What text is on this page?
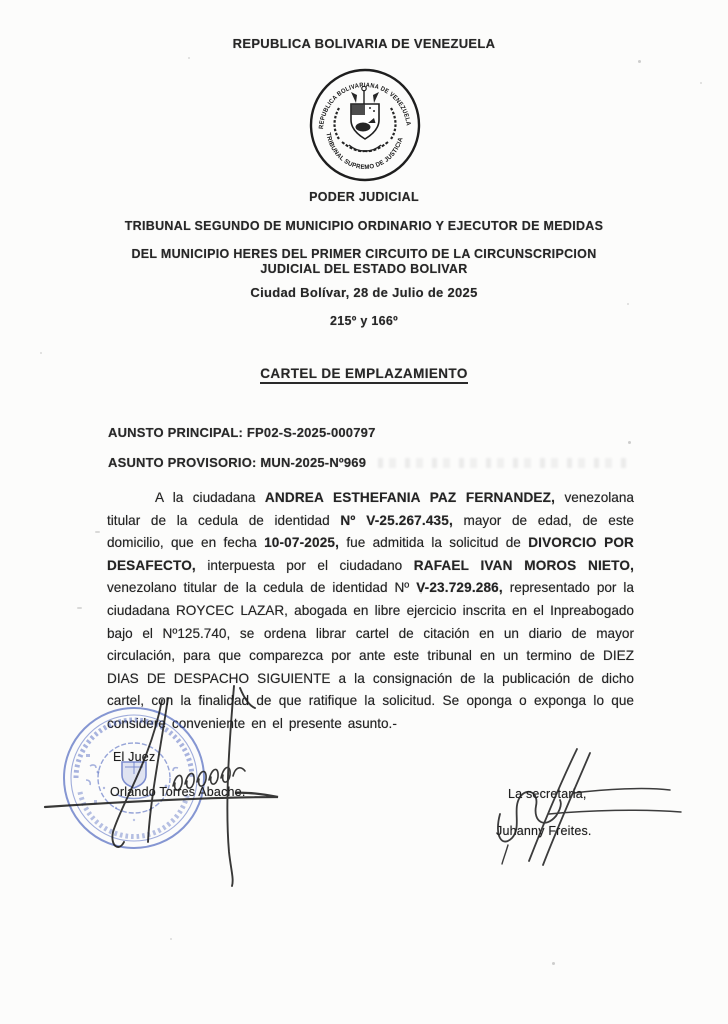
REPUBLICA BOLIVARIA DE VENEZUELA
REPUBLICA BOLIVARIANA DE VENEZUELA
TRIBUNAL SUPREMO DE JUSTICIA
PODER JUDICIAL
TRIBUNAL SEGUNDO DE MUNICIPIO ORDINARIO Y EJECUTOR DE MEDIDAS
DEL MUNICIPIO HERES DEL PRIMER CIRCUITO DE LA CIRCUNSCRIPCION
JUDICIAL DEL ESTADO BOLIVAR
Ciudad Bolívar, 28 de Julio de 2025
215º y 166º
CARTEL DE EMPLAZAMIENTO
AUNSTO PRINCIPAL: FP02-S-2025-000797
ASUNTO PROVISORIO: MUN-2025-Nº969

A la ciudadana ANDREA ESTHEFANIA PAZ FERNANDEZ, venezolana titular de la cedula de identidad Nº V-25.267.435, mayor de edad, de este domicilio, que en fecha 10-07-2025, fue admitida la solicitud de DIVORCIO POR DESAFECTO, interpuesta por el ciudadano RAFAEL IVAN MOROS NIETO, venezolano titular de la cedula de identidad Nº V-23.729.286, representado por la ciudadana ROYCEC LAZAR, abogada en libre ejercicio inscrita en el Inpreabogado bajo el Nº125.740, se ordena librar cartel de citación en un diario de mayor circulación, para que comparezca por ante este tribunal en un termino de DIEZ DIAS DE DESPACHO SIGUIENTE a la consignación de la publicación de dicho cartel, con la finalidad de que ratifique la solicitud. Se oponga o exponga lo que considere conveniente en el presente asunto.-

El Juez
Orlando Torres Abache.	La secretaria,
Juhanny Freites.
